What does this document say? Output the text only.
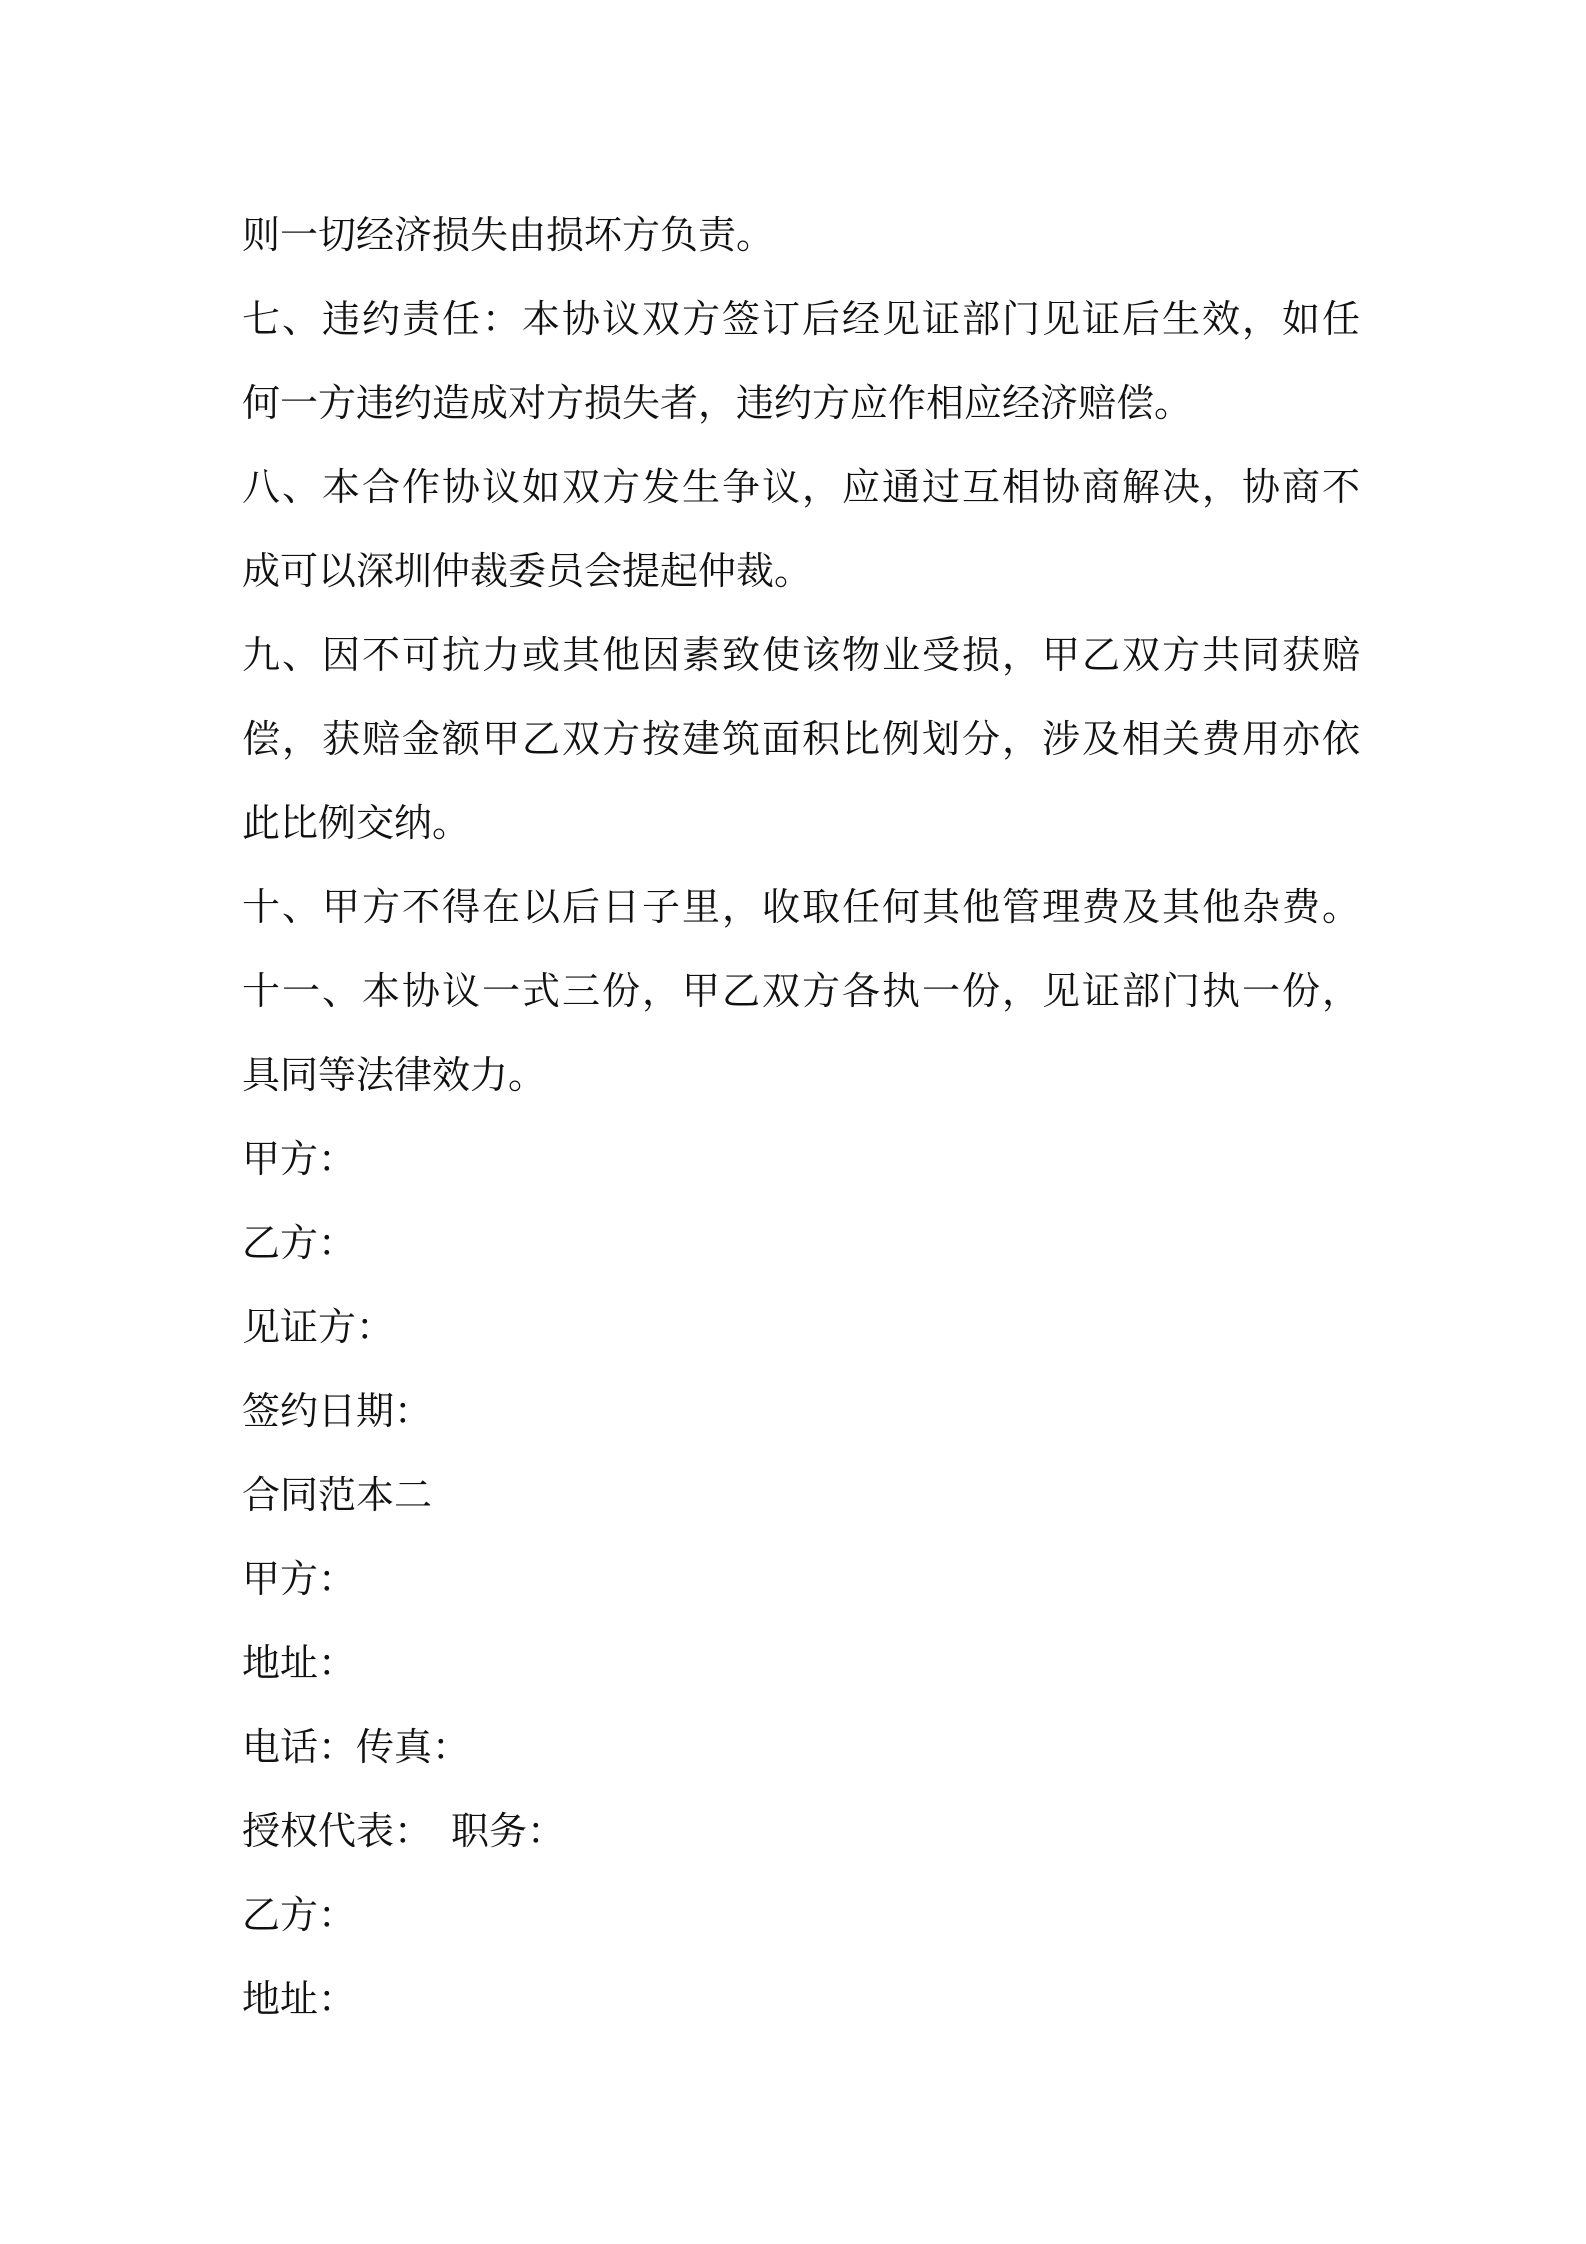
则一切经济损失由损坏方负责。
七、违约责任：本协议双方签订后经见证部门见证后生效，如任
何一方违约造成对方损失者，违约方应作相应经济赔偿。
八、本合作协议如双方发生争议，应通过互相协商解决，协商不
成可以深圳仲裁委员会提起仲裁。
九、因不可抗力或其他因素致使该物业受损，甲乙双方共同获赔
偿，获赔金额甲乙双方按建筑面积比例划分，涉及相关费用亦依
此比例交纳。
十、甲方不得在以后日子里，收取任何其他管理费及其他杂费。
十一、本协议一式三份，甲乙双方各执一份，见证部门执一份，
具同等法律效力。
甲方：
乙方：
见证方：
签约日期：
合同范本二
甲方：
地址：
电话：传真：
授权代表：　职务：
乙方：
地址：
